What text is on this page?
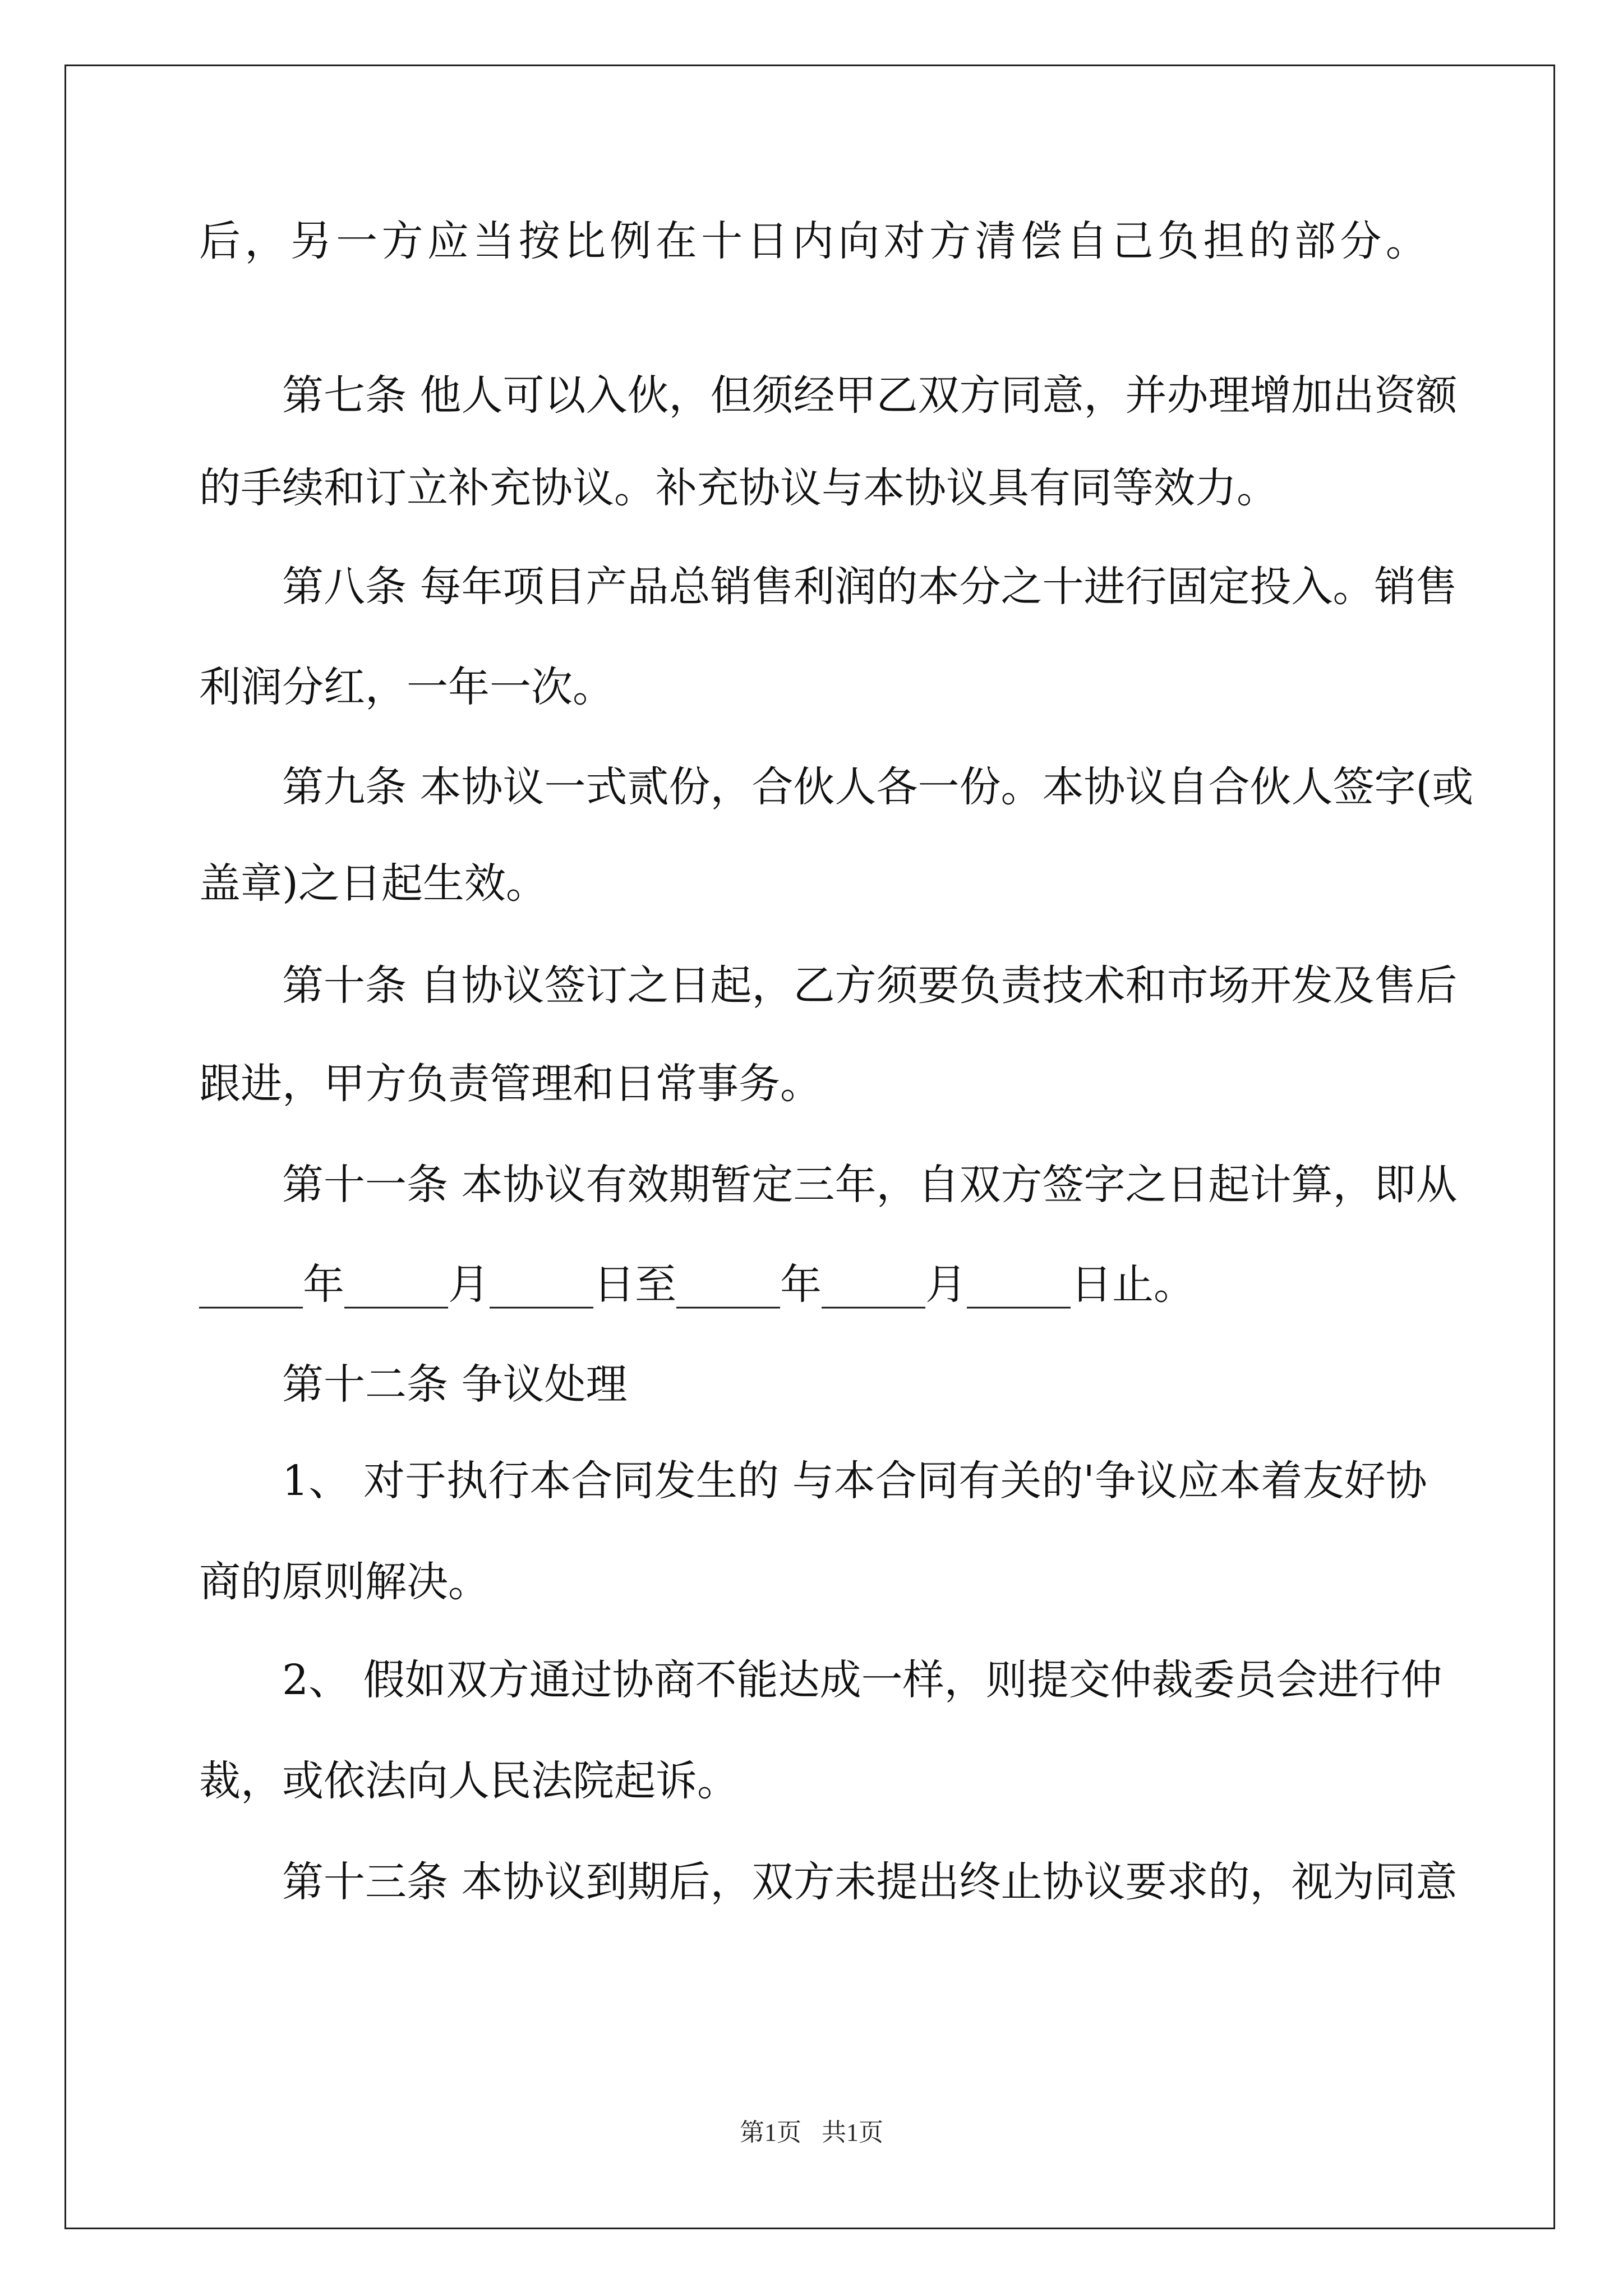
后 ， 另 一 方 应 当 按 比 例 在 十 日 内 向 对 方 清 偿 自 己 负 担 的 部 分 。
第 七 条
他 人 可 以 入 伙 ， 但 须 经 甲 乙 双 方 同 意 ， 并 办 理 增 加 出 资 额
的手续和订立补充协议。补充协议与本协议具有同等效力。
第 八 条
每 年 项 目 产 品 总 销 售 利 润 的 本 分 之 十 进 行 固 定 投 入 。 销 售
利润分红，一年一次。
第 九 条
本 协 议 一 式 贰 份 ， 合 伙 人 各 一 份 。 本 协 议 自 合 伙 人 签 字 ( 或
盖章)之日起生效。
第 十 条
自 协 议 签 订 之 日 起 ， 乙 方 须 要 负 责 技 术 和 市 场 开 发 及 售 后
跟进，甲方负责管理和日常事务。
第 十 一 条
本 协 议 有 效 期 暂 定 三 年 ， 自 双 方 签 字 之 日 起 计 算 ， 即 从
_____年_____月_____日至_____年_____月_____日止。
第十二条 争议处理
1 、
对 于 执 行 本 合 同 发 生 的
与 本 合 同 有 关 的 ' 争 议 应 本 着 友 好 协
商的原则解决。
2 、
假 如 双 方 通 过 协 商 不 能 达 成 一 样 ， 则 提 交 仲 裁 委 员 会 进 行 仲
裁，或依法向人民法院起诉。
第 十 三 条
本 协 议 到 期 后 ， 双 方 未 提 出 终 止 协 议 要 求 的 ， 视 为 同 意
第1页 共1页
